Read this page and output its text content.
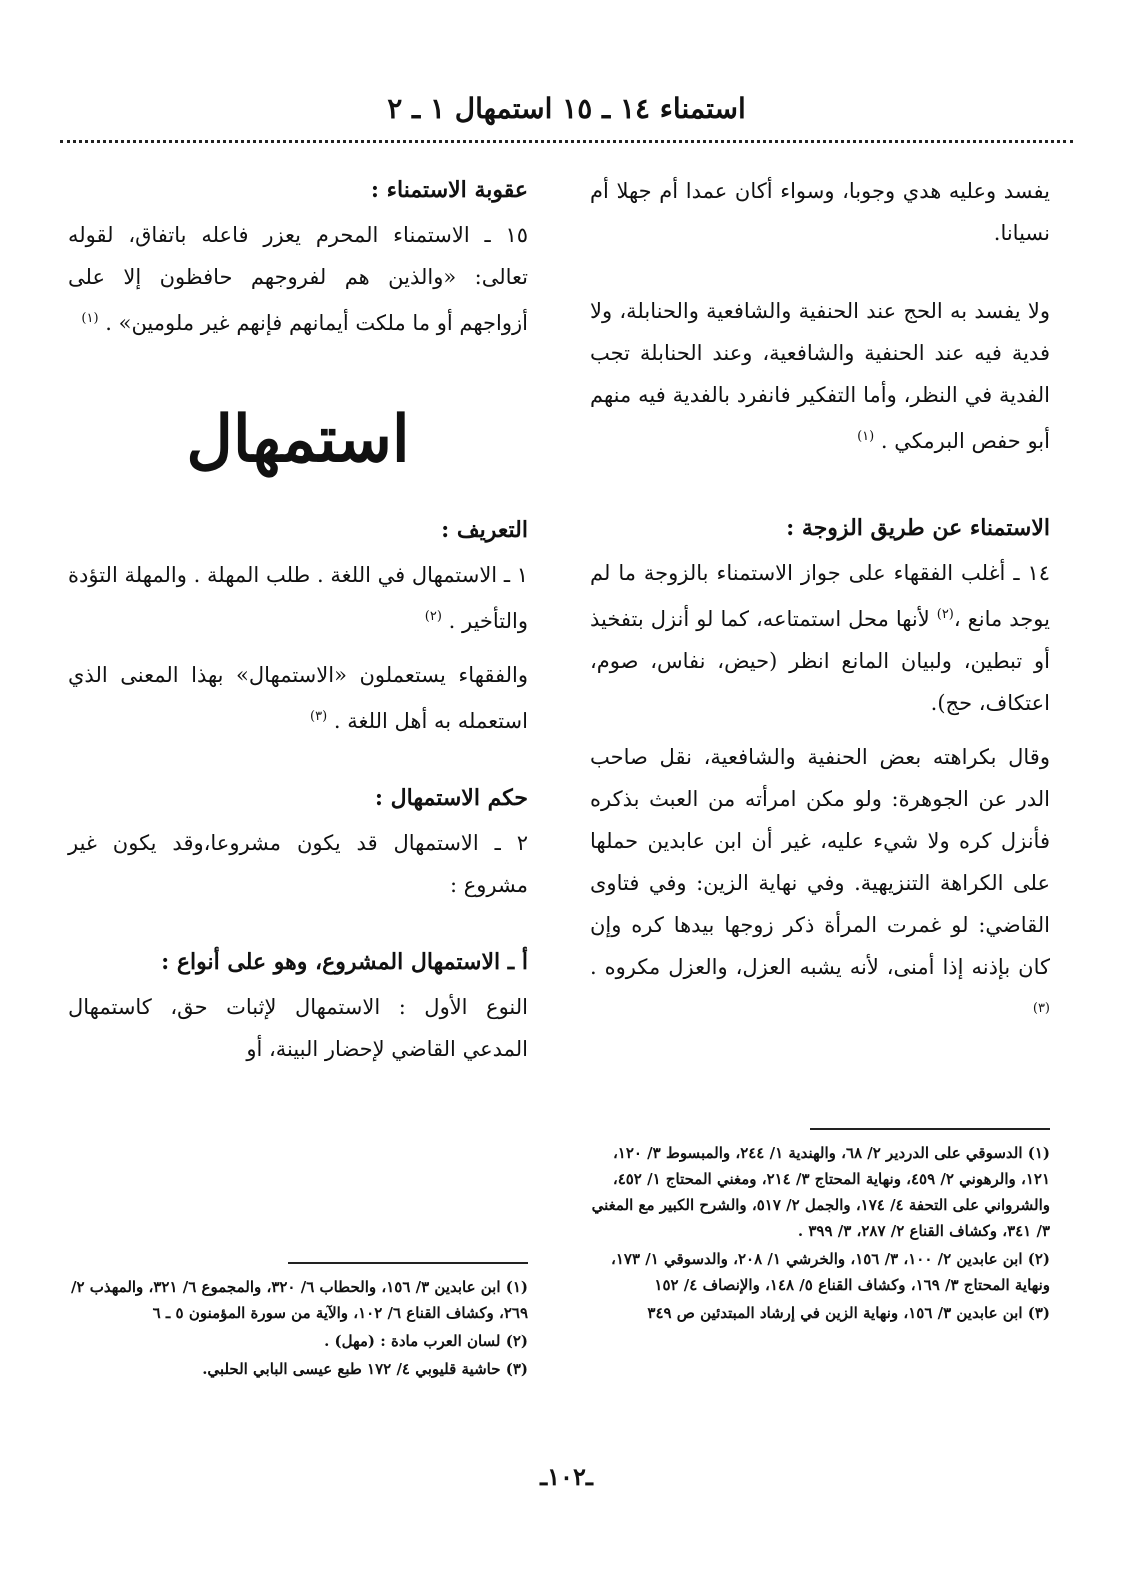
استمناء ١٤ ـ ١٥ استمهال ١ ـ ٢

يفسد وعليه هدي وجوبا، وسواء أكان عمدا أم جهلا أم نسيانا.

ولا يفسد به الحج عند الحنفية والشافعية والحنابلة، ولا فدية فيه عند الحنفية والشافعية، وعند الحنابلة تجب الفدية في النظر، وأما التفكير فانفرد بالفدية فيه منهم أبو حفص البرمكي . $^{(١)}$

الاستمناء عن طريق الزوجة :

١٤ ـ أغلب الفقهاء على جواز الاستمناء بالزوجة ما لم يوجد مانع ،$^{(٢)}$ لأنها محل استمتاعه، كما لو أنزل بتفخيذ أو تبطين، ولبيان المانع انظر (حيض، نفاس، صوم، اعتكاف، حج).

وقال بكراهته بعض الحنفية والشافعية، نقل صاحب الدر عن الجوهرة: ولو مكن امرأته من العبث بذكره فأنزل كره ولا شيء عليه، غير أن ابن عابدين حملها على الكراهة التنزيهية. وفي نهاية الزين: وفي فتاوى القاضي: لو غمرت المرأة ذكر زوجها بيدها كره وإن كان بإذنه إذا أمنى، لأنه يشبه العزل، والعزل مكروه . $^{(٣)}$

عقوبة الاستمناء :

١٥ ـ الاستمناء المحرم يعزر فاعله باتفاق، لقوله تعالى: «والذين هم لفروجهم حافظون إلا على أزواجهم أو ما ملكت أيمانهم فإنهم غير ملومين» . $^{(١)}$

استمهال
التعريف :

١ ـ الاستمهال في اللغة . طلب المهلة . والمهلة التؤدة والتأخير . $^{(٢)}$

والفقهاء يستعملون «الاستمهال» بهذا المعنى الذي استعمله به أهل اللغة . $^{(٣)}$

حكم الاستمهال :

٢ ـ الاستمهال قد يكون مشروعا،وقد يكون غير مشروع :

أ ـ الاستمهال المشروع، وهو على أنواع :

النوع الأول : الاستمهال لإثبات حق، كاستمهال المدعي القاضي لإحضار البينة، أو

(١) الدسوقي على الدردير ٢/ ٦٨، والهندية ١/ ٢٤٤، والمبسوط ٣/ ١٢٠، ١٢١، والرهوني ٢/ ٤٥٩، ونهاية المحتاج ٣/ ٢١٤، ومغني المحتاج ١/ ٤٥٢، والشرواني على التحفة ٤/ ١٧٤، والجمل ٢/ ٥١٧، والشرح الكبير مع المغني ٣/ ٣٤١، وكشاف القناع ٢/ ٢٨٧، ٣/ ٣٩٩ .

(٢) ابن عابدين ٢/ ١٠٠، ٣/ ١٥٦، والخرشي ١/ ٢٠٨، والدسوقي ١/ ١٧٣، ونهاية المحتاج ٣/ ١٦٩، وكشاف القناع ٥/ ١٤٨، والإنصاف ٤/ ١٥٢

(٣) ابن عابدين ٣/ ١٥٦، ونهاية الزين في إرشاد المبتدئين ص ٣٤٩

(١) ابن عابدين ٣/ ١٥٦، والحطاب ٦/ ٣٢٠، والمجموع ٦/ ٣٢١، والمهذب ٢/ ٢٦٩، وكشاف القناع ٦/ ١٠٢، والآية من سورة المؤمنون ٥ ـ ٦

(٢) لسان العرب مادة : (مهل) .

(٣) حاشية قليوبي ٤/ ١٧٢ طبع عيسى البابي الحلبي.

ـ١٠٢ـ
